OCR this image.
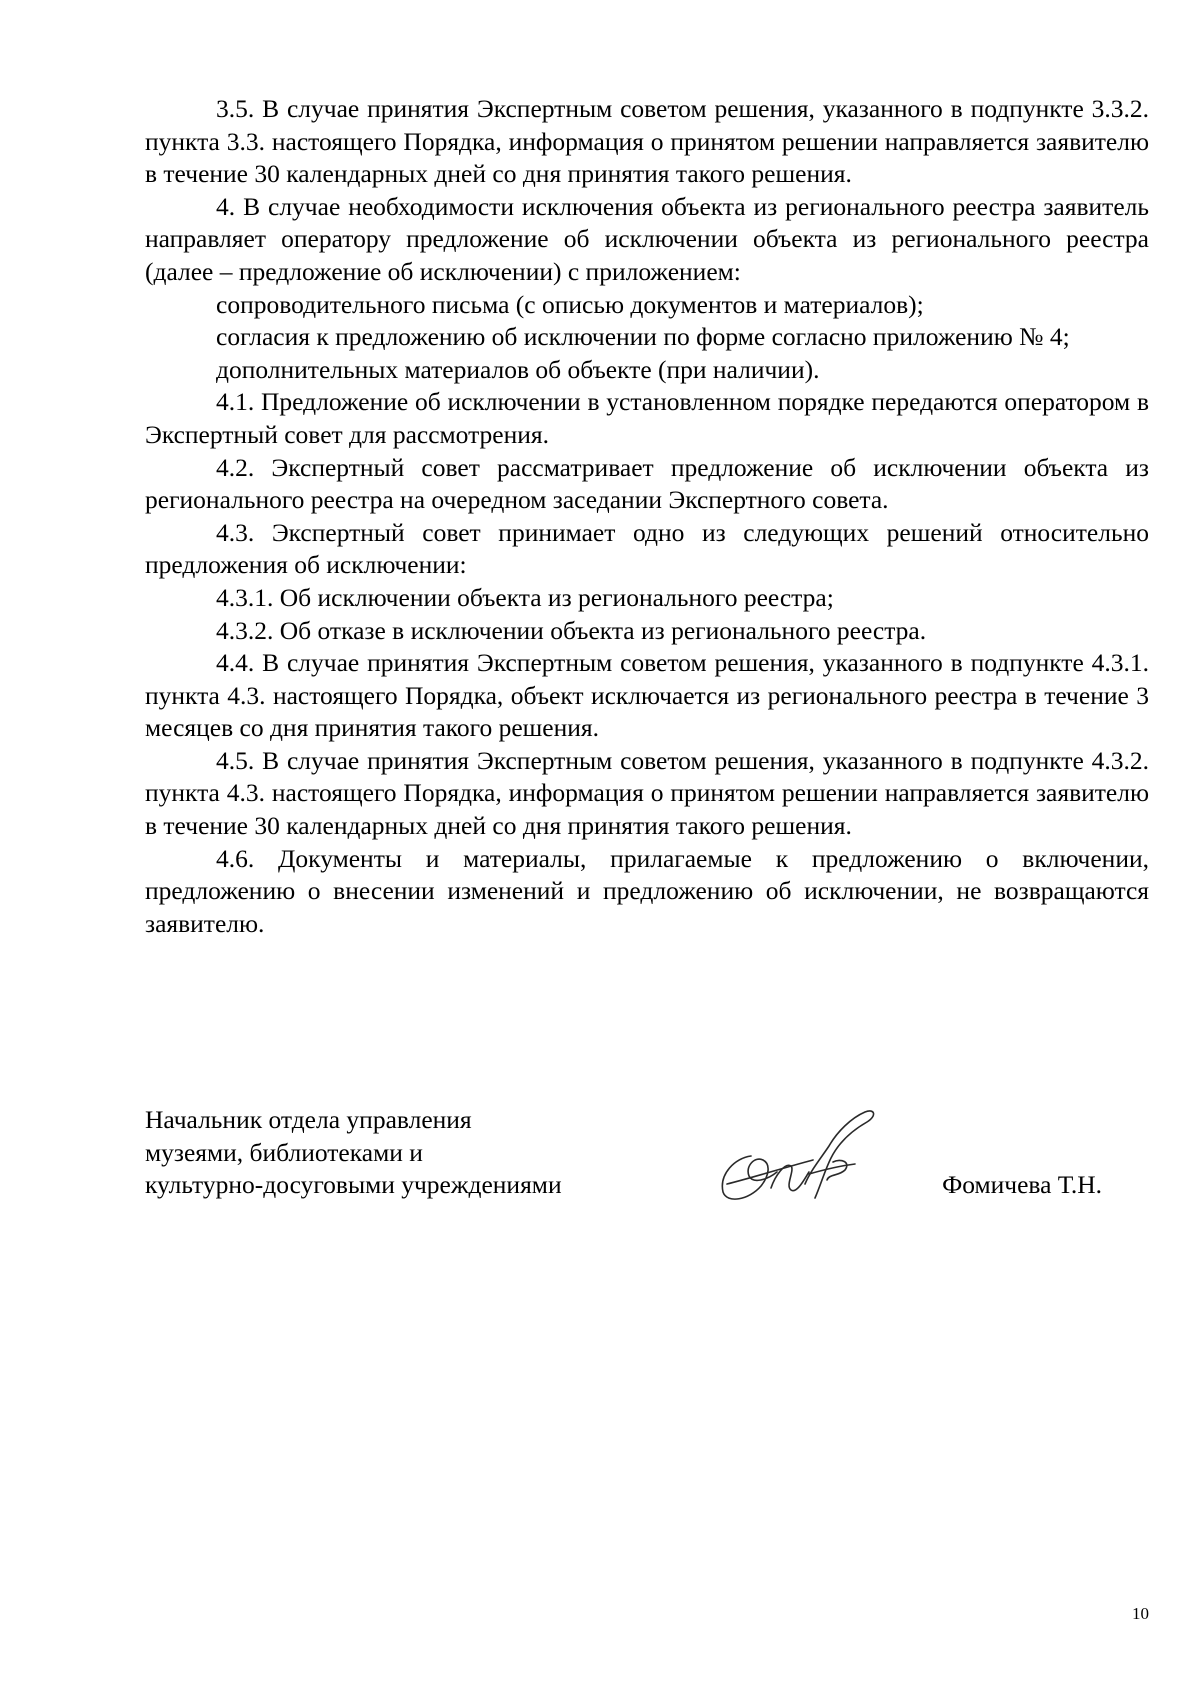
3.5. В случае принятия Экспертным советом решения, указанного в подпункте 3.3.2. пункта 3.3. настоящего Порядка, информация о принятом решении направляется заявителю в течение 30 календарных дней со дня принятия такого решения.

4. В случае необходимости исключения объекта из регионального реестра заявитель направляет оператору предложение об исключении объекта из регионального реестра (далее – предложение об исключении) с приложением:

сопроводительного письма (с описью документов и материалов);

согласия к предложению об исключении по форме согласно приложению № 4;

дополнительных материалов об объекте (при наличии).

4.1. Предложение об исключении в установленном порядке передаются оператором в Экспертный совет для рассмотрения.

4.2. Экспертный совет рассматривает предложение об исключении объекта из регионального реестра на очередном заседании Экспертного совета.

4.3. Экспертный совет принимает одно из следующих решений относительно предложения об исключении:

4.3.1. Об исключении объекта из регионального реестра;

4.3.2. Об отказе в исключении объекта из регионального реестра.

4.4. В случае принятия Экспертным советом решения, указанного в подпункте 4.3.1. пункта 4.3. настоящего Порядка, объект исключается из регионального реестра в течение 3 месяцев со дня принятия такого решения.

4.5. В случае принятия Экспертным советом решения, указанного в подпункте 4.3.2. пункта 4.3. настоящего Порядка, информация о принятом решении направляется заявителю в течение 30 календарных дней со дня принятия такого решения.

4.6. Документы и материалы, прилагаемые к предложению о включении, предложению о внесении изменений и предложению об исключении, не возвращаются заявителю.

Начальник отдела управления
музеями, библиотеками и
культурно-досуговыми учреждениями	Фомичева Т.Н.
10
